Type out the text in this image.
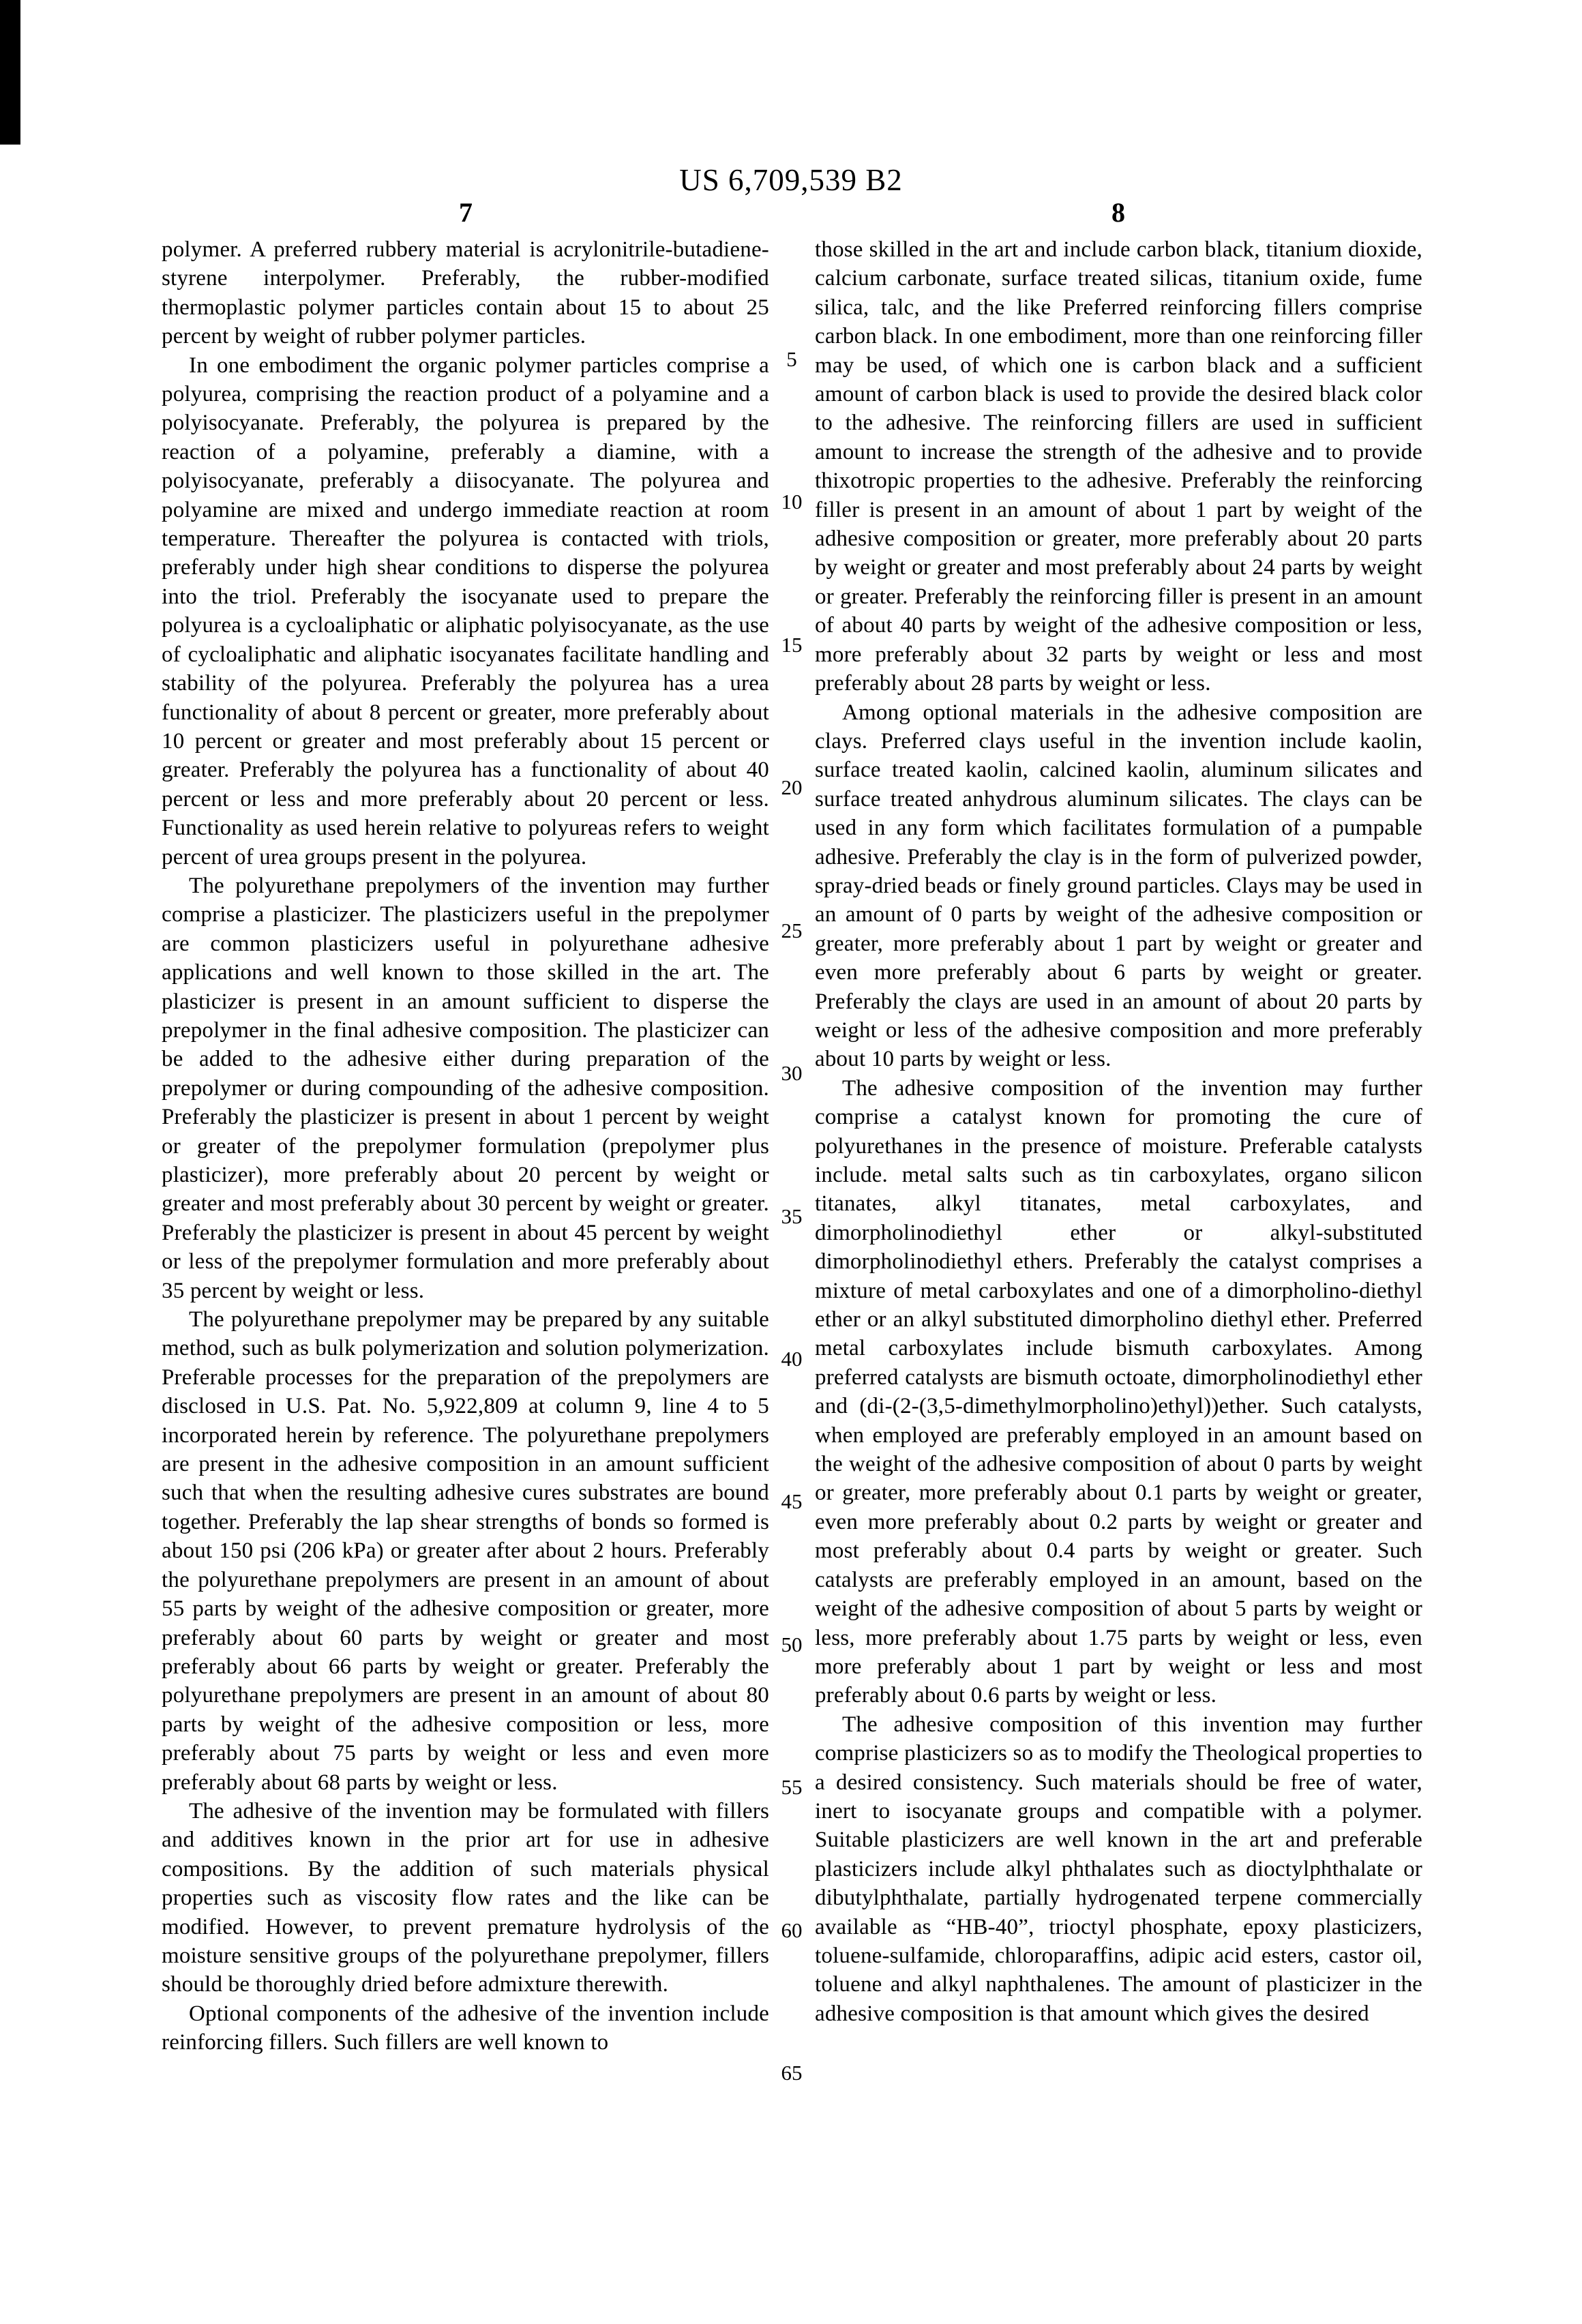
US 6,709,539 B2
7	8
5
10
15
20
25
30
35
40
45
50
55
60
65

polymer. A preferred rubbery material is acrylonitrile-butadiene-styrene interpolymer. Preferably, the rubber-modified thermoplastic polymer particles contain about 15 to about 25 percent by weight of rubber polymer particles.

In one embodiment the organic polymer particles comprise a polyurea, comprising the reaction product of a polyamine and a polyisocyanate. Preferably, the polyurea is prepared by the reaction of a polyamine, preferably a diamine, with a polyisocyanate, preferably a diisocyanate. The polyurea and polyamine are mixed and undergo immediate reaction at room temperature. Thereafter the polyurea is contacted with triols, preferably under high shear conditions to disperse the polyurea into the triol. Preferably the isocyanate used to prepare the polyurea is a cycloaliphatic or aliphatic polyisocyanate, as the use of cycloaliphatic and aliphatic isocyanates facilitate handling and stability of the polyurea. Preferably the polyurea has a urea functionality of about 8 percent or greater, more preferably about 10 percent or greater and most preferably about 15 percent or greater. Preferably the polyurea has a functionality of about 40 percent or less and more preferably about 20 percent or less. Functionality as used herein relative to polyureas refers to weight percent of urea groups present in the polyurea.

The polyurethane prepolymers of the invention may further comprise a plasticizer. The plasticizers useful in the prepolymer are common plasticizers useful in polyurethane adhesive applications and well known to those skilled in the art. The plasticizer is present in an amount sufficient to disperse the prepolymer in the final adhesive composition. The plasticizer can be added to the adhesive either during preparation of the prepolymer or during compounding of the adhesive composition. Preferably the plasticizer is present in about 1 percent by weight or greater of the prepolymer formulation (prepolymer plus plasticizer), more preferably about 20 percent by weight or greater and most preferably about 30 percent by weight or greater. Preferably the plasticizer is present in about 45 percent by weight or less of the prepolymer formulation and more preferably about 35 percent by weight or less.

The polyurethane prepolymer may be prepared by any suitable method, such as bulk polymerization and solution polymerization. Preferable processes for the preparation of the prepolymers are disclosed in U.S. Pat. No. 5,922,809 at column 9, line 4 to 5 incorporated herein by reference. The polyurethane prepolymers are present in the adhesive composition in an amount sufficient such that when the resulting adhesive cures substrates are bound together. Preferably the lap shear strengths of bonds so formed is about 150 psi (206 kPa) or greater after about 2 hours. Preferably the polyurethane prepolymers are present in an amount of about 55 parts by weight of the adhesive composition or greater, more preferably about 60 parts by weight or greater and most preferably about 66 parts by weight or greater. Preferably the polyurethane prepolymers are present in an amount of about 80 parts by weight of the adhesive composition or less, more preferably about 75 parts by weight or less and even more preferably about 68 parts by weight or less.

The adhesive of the invention may be formulated with fillers and additives known in the prior art for use in adhesive compositions. By the addition of such materials physical properties such as viscosity flow rates and the like can be modified. However, to prevent premature hydrolysis of the moisture sensitive groups of the polyurethane prepolymer, fillers should be thoroughly dried before admixture therewith.

Optional components of the adhesive of the invention include reinforcing fillers. Such fillers are well known to

those skilled in the art and include carbon black, titanium dioxide, calcium carbonate, surface treated silicas, titanium oxide, fume silica, talc, and the like Preferred reinforcing fillers comprise carbon black. In one embodiment, more than one reinforcing filler may be used, of which one is carbon black and a sufficient amount of carbon black is used to provide the desired black color to the adhesive. The reinforcing fillers are used in sufficient amount to increase the strength of the adhesive and to provide thixotropic properties to the adhesive. Preferably the reinforcing filler is present in an amount of about 1 part by weight of the adhesive composition or greater, more preferably about 20 parts by weight or greater and most preferably about 24 parts by weight or greater. Preferably the reinforcing filler is present in an amount of about 40 parts by weight of the adhesive composition or less, more preferably about 32 parts by weight or less and most preferably about 28 parts by weight or less.

Among optional materials in the adhesive composition are clays. Preferred clays useful in the invention include kaolin, surface treated kaolin, calcined kaolin, aluminum silicates and surface treated anhydrous aluminum silicates. The clays can be used in any form which facilitates formulation of a pumpable adhesive. Preferably the clay is in the form of pulverized powder, spray-dried beads or finely ground particles. Clays may be used in an amount of 0 parts by weight of the adhesive composition or greater, more preferably about 1 part by weight or greater and even more preferably about 6 parts by weight or greater. Preferably the clays are used in an amount of about 20 parts by weight or less of the adhesive composition and more preferably about 10 parts by weight or less.

The adhesive composition of the invention may further comprise a catalyst known for promoting the cure of polyurethanes in the presence of moisture. Preferable catalysts include. metal salts such as tin carboxylates, organo silicon titanates, alkyl titanates, metal carboxylates, and dimorpholinodiethyl ether or alkyl-substituted dimorpholinodiethyl ethers. Preferably the catalyst comprises a mixture of metal carboxylates and one of a dimorpholino-diethyl ether or an alkyl substituted dimorpholino diethyl ether. Preferred metal carboxylates include bismuth carboxylates. Among preferred catalysts are bismuth octoate, dimorpholinodiethyl ether and (di-(2-(3,5-dimethylmorpholino)ethyl))ether. Such catalysts, when employed are preferably employed in an amount based on the weight of the adhesive composition of about 0 parts by weight or greater, more preferably about 0.1 parts by weight or greater, even more preferably about 0.2 parts by weight or greater and most preferably about 0.4 parts by weight or greater. Such catalysts are preferably employed in an amount, based on the weight of the adhesive composition of about 5 parts by weight or less, more preferably about 1.75 parts by weight or less, even more preferably about 1 part by weight or less and most preferably about 0.6 parts by weight or less.

The adhesive composition of this invention may further comprise plasticizers so as to modify the Theological properties to a desired consistency. Such materials should be free of water, inert to isocyanate groups and compatible with a polymer. Suitable plasticizers are well known in the art and preferable plasticizers include alkyl phthalates such as dioctylphthalate or dibutylphthalate, partially hydrogenated terpene commercially available as “HB-40”, trioctyl phosphate, epoxy plasticizers, toluene-sulfamide, chloroparaffins, adipic acid esters, castor oil, toluene and alkyl naphthalenes. The amount of plasticizer in the adhesive composition is that amount which gives the desired
